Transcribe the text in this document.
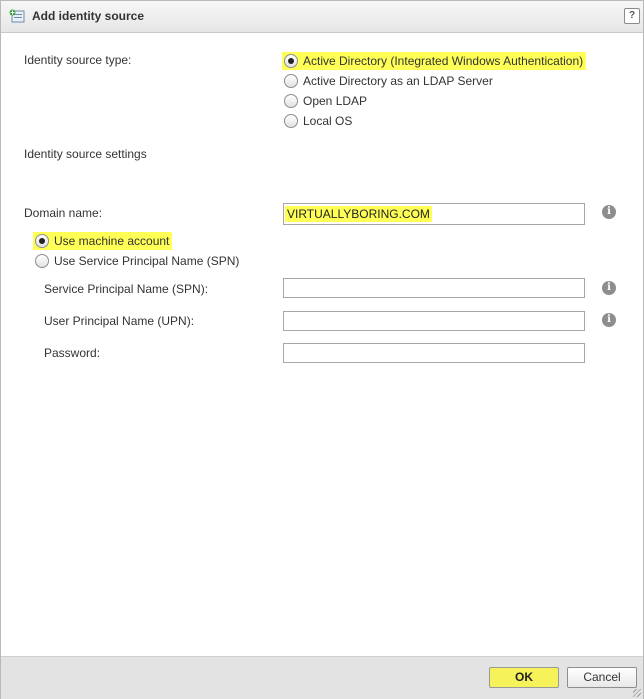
Add identity source	?
Identity source type:	Active Directory (Integrated Windows Authentication)
Active Directory as an LDAP Server
Open LDAP
Local OS
Identity source settings
Domain name:	VIRTUALLYBORING.COM	i
Use machine account
Use Service Principal Name (SPN)
Service Principal Name (SPN):	i
User Principal Name (UPN):	i
Password:
OK	Cancel
